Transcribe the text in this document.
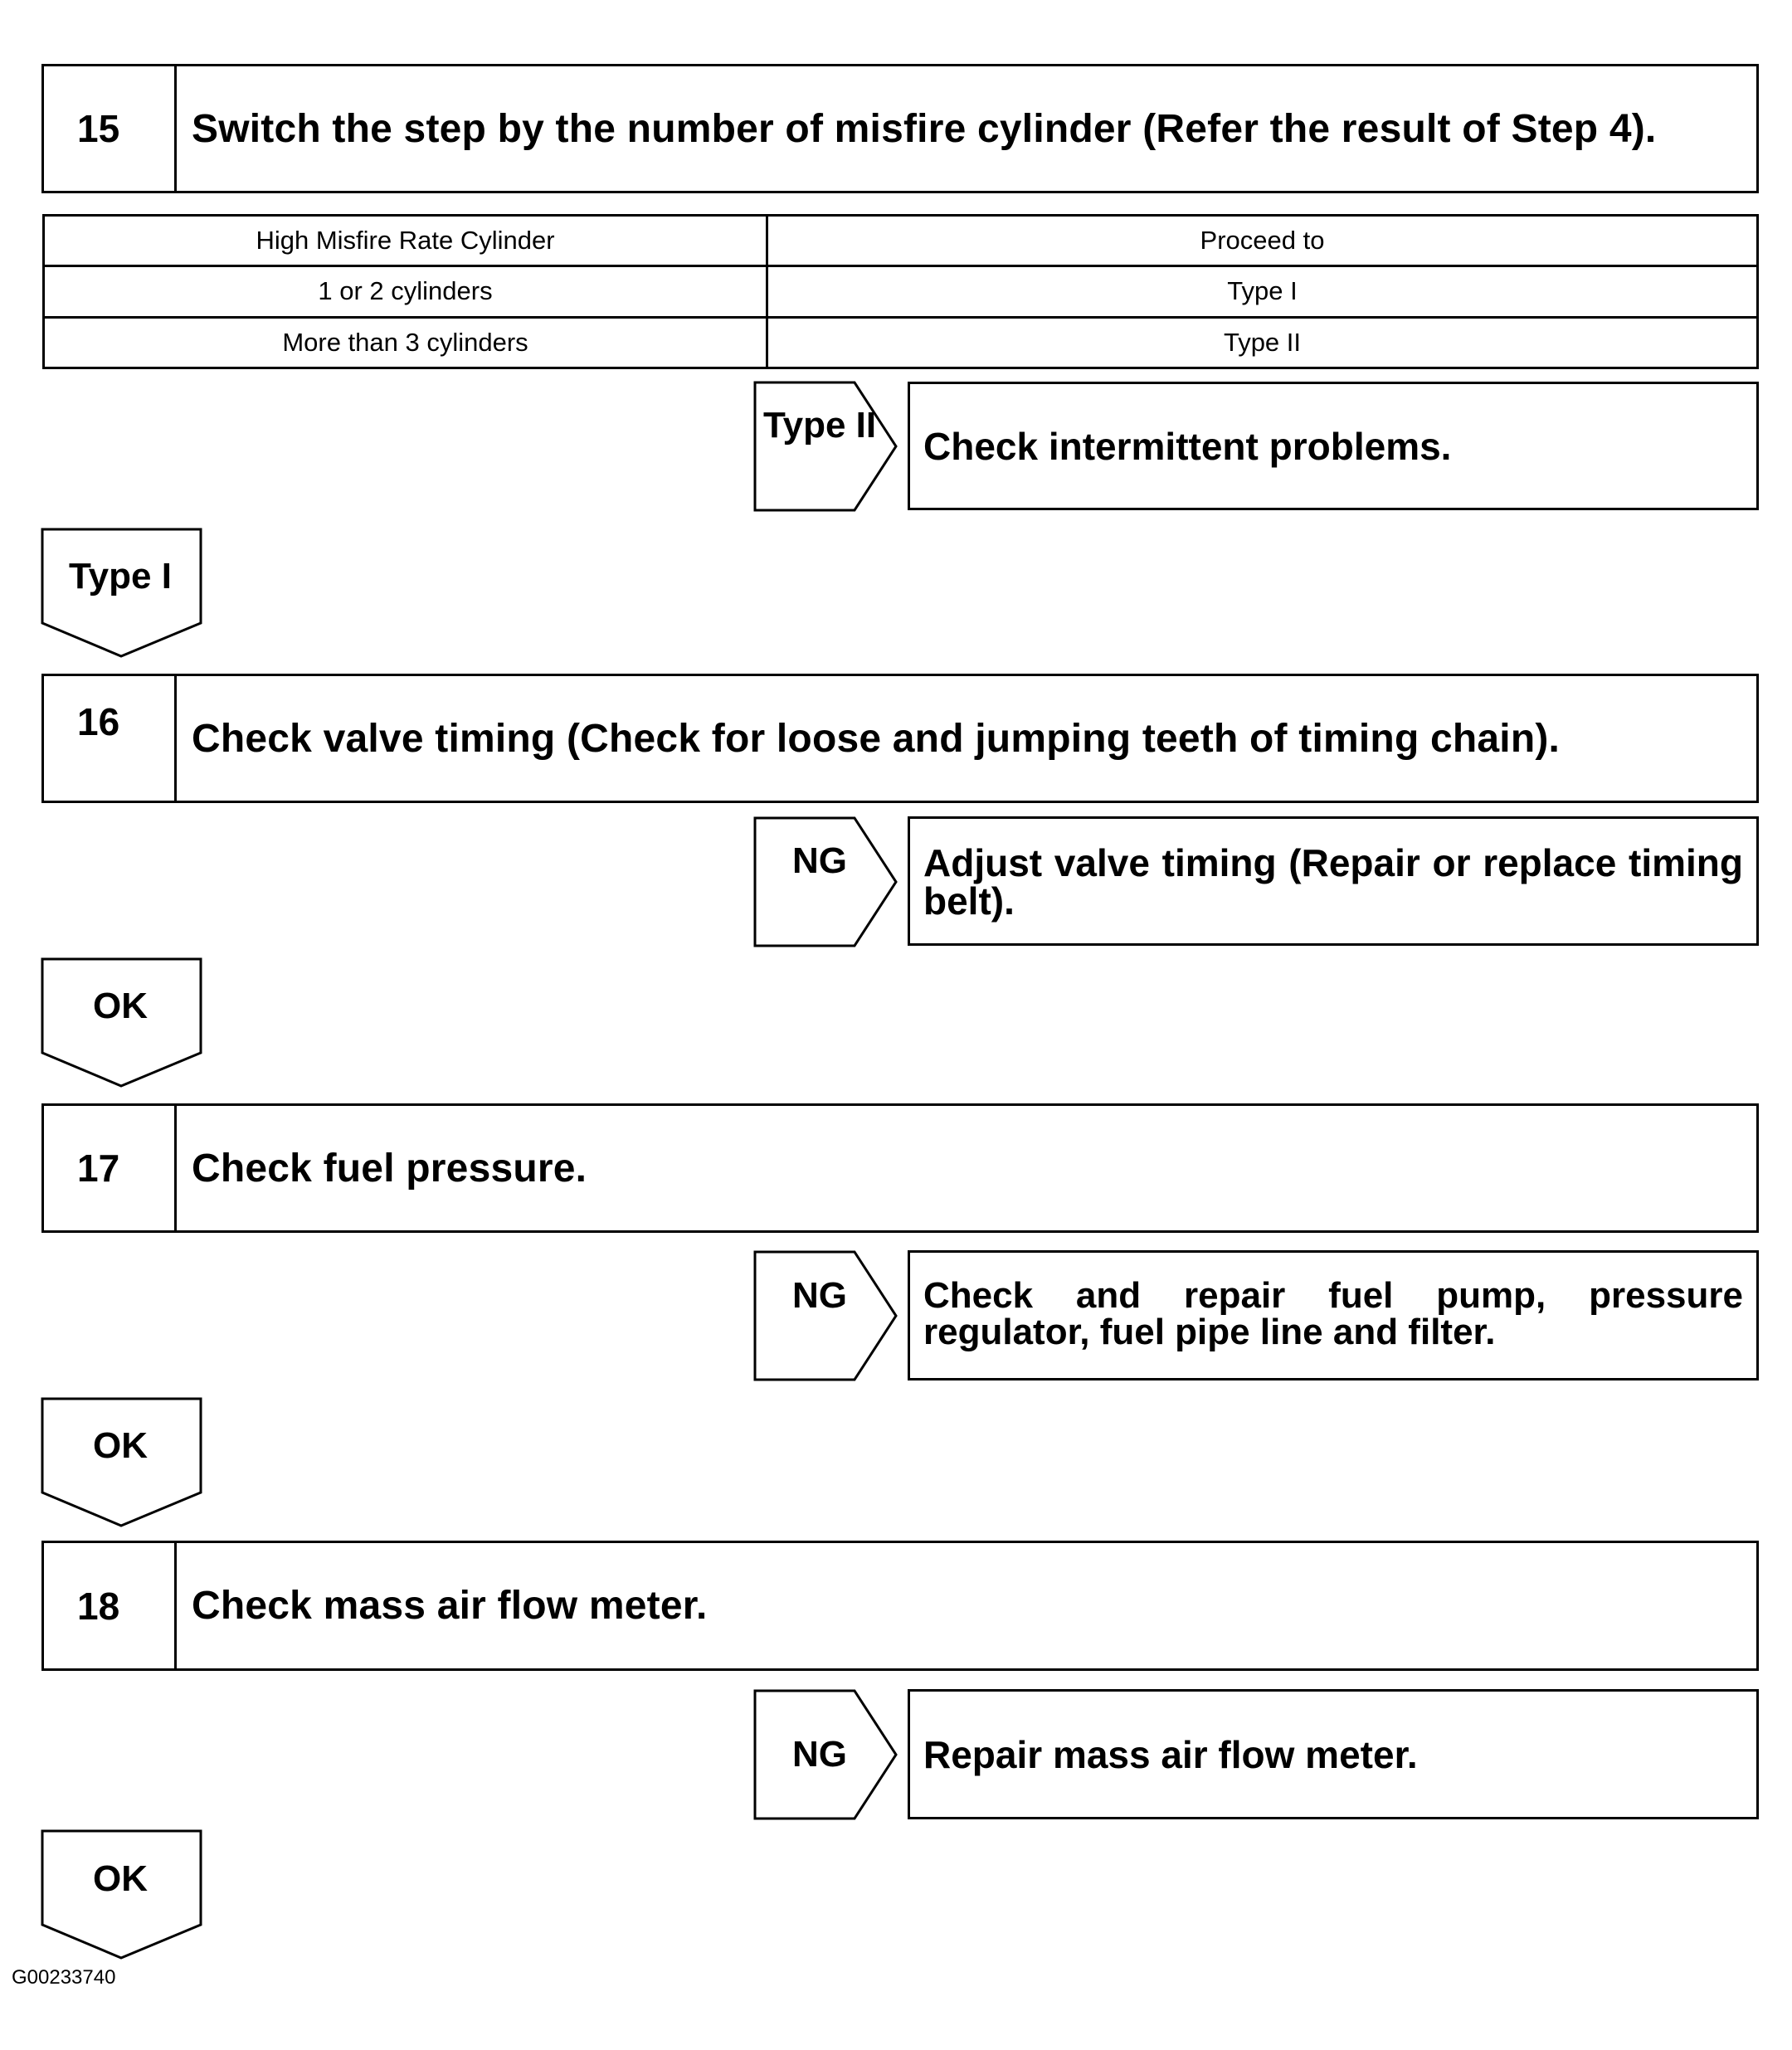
15	Switch the step by the number of misfire cylinder (Refer the result of Step 4).
High Misfire Rate Cylinder	Proceed to
1 or 2 cylinders	Type I
More than 3 cylinders	Type II
Type II	Check intermittent problems.
Type I
16	Check valve timing (Check for loose and jumping teeth of timing chain).
NG	Adjust valve timing (Repair or replace timing belt).
OK
17	Check fuel pressure.
NG	Check and repair fuel pump, pressure regulator, fuel pipe line and filter.
OK
18	Check mass air flow meter.
NG	Repair mass air flow meter.
OK
G00233740
